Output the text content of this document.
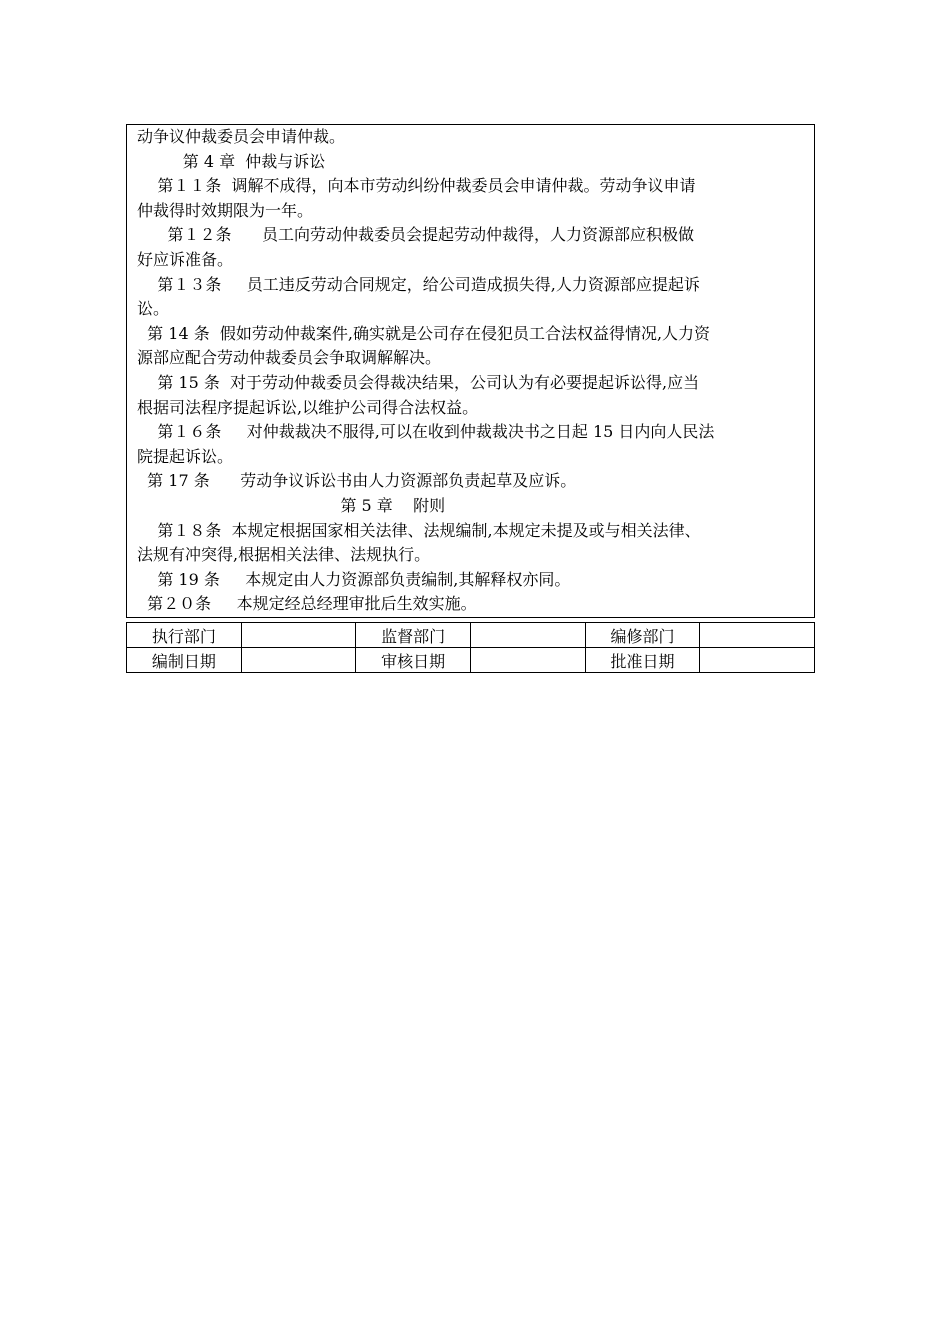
动争议仲裁委员会申请仲裁。

第 4 章  仲裁与诉讼

第１１条  调解不成得，向本市劳动纠纷仲裁委员会申请仲裁。劳动争议申请

仲裁得时效期限为一年。

第１２条      员工向劳动仲裁委员会提起劳动仲裁得，人力资源部应积极做

好应诉准备。

第１３条     员工违反劳动合同规定，给公司造成损失得,人力资源部应提起诉

讼。

第 14 条  假如劳动仲裁案件,确实就是公司存在侵犯员工合法权益得情况,人力资

源部应配合劳动仲裁委员会争取调解解决。

第 15 条  对于劳动仲裁委员会得裁决结果，公司认为有必要提起诉讼得,应当

根据司法程序提起诉讼,以维护公司得合法权益。

第１６条     对仲裁裁决不服得,可以在收到仲裁裁决书之日起 15 日内向人民法

院提起诉讼。

第 17 条      劳动争议诉讼书由人力资源部负责起草及应诉。

第 5 章    附则

第１８条  本规定根据国家相关法律、法规编制,本规定未提及或与相关法律、

法规有冲突得,根据相关法律、法规执行。

第 19 条     本规定由人力资源部负责编制,其解释权亦同。

第２０条     本规定经总经理审批后生效实施。

执行部门		监督部门		编修部门	
编制日期		审核日期		批准日期	
